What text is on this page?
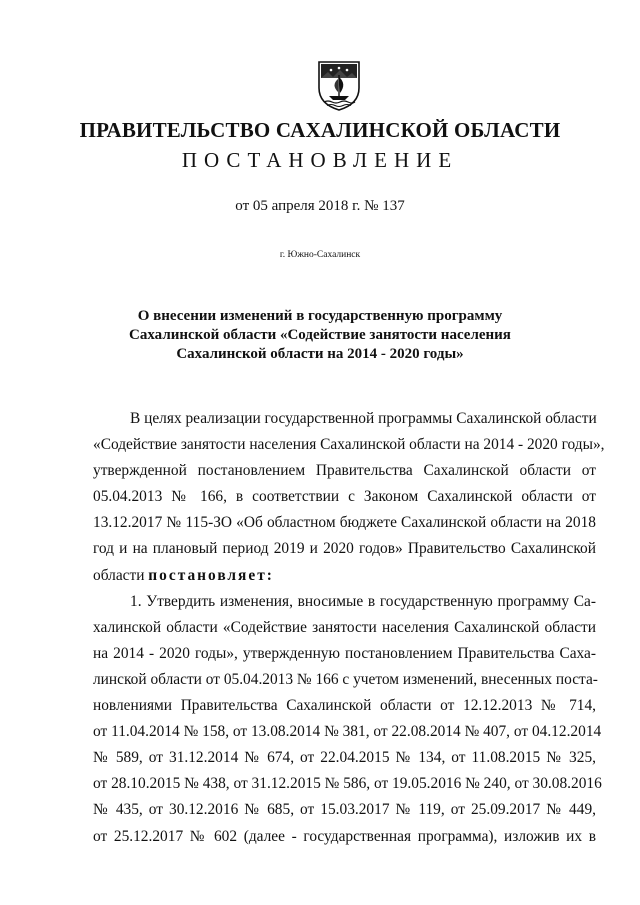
ПРАВИТЕЛЬСТВО САХАЛИНСКОЙ ОБЛАСТИ
ПОСТАНОВЛЕНИЕ
от 05 апреля 2018 г. № 137
г. Южно-Сахалинск
О внесении изменений в государственную программу
Сахалинской области «Содействие занятости населения
Сахалинской области на 2014 - 2020 годы»
В целях реализации государственной программы Сахалинской области
«Содействие занятости населения Сахалинской области на 2014 - 2020 годы»,
утвержденной постановлением Правительства Сахалинской области от
05.04.2013 № 166, в соответствии с Законом Сахалинской области от
13.12.2017 № 115-ЗО «Об областном бюджете Сахалинской области на 2018
год и на плановый период 2019 и 2020 годов» Правительство Сахалинской
области постановляет:
1. Утвердить изменения, вносимые в государственную программу Са-
халинской области «Содействие занятости населения Сахалинской области
на 2014 - 2020 годы», утвержденную постановлением Правительства Саха-
линской области от 05.04.2013 № 166 с учетом изменений, внесенных поста-
новлениями Правительства Сахалинской области от 12.12.2013 № 714,
от 11.04.2014 № 158, от 13.08.2014 № 381, от 22.08.2014 № 407, от 04.12.2014
№ 589, от 31.12.2014 № 674, от 22.04.2015 № 134, от 11.08.2015 № 325,
от 28.10.2015 № 438, от 31.12.2015 № 586, от 19.05.2016 № 240, от 30.08.2016
№ 435, от 30.12.2016 № 685, от 15.03.2017 № 119, от 25.09.2017 № 449,
от 25.12.2017 № 602 (далее - государственная программа), изложив их в
